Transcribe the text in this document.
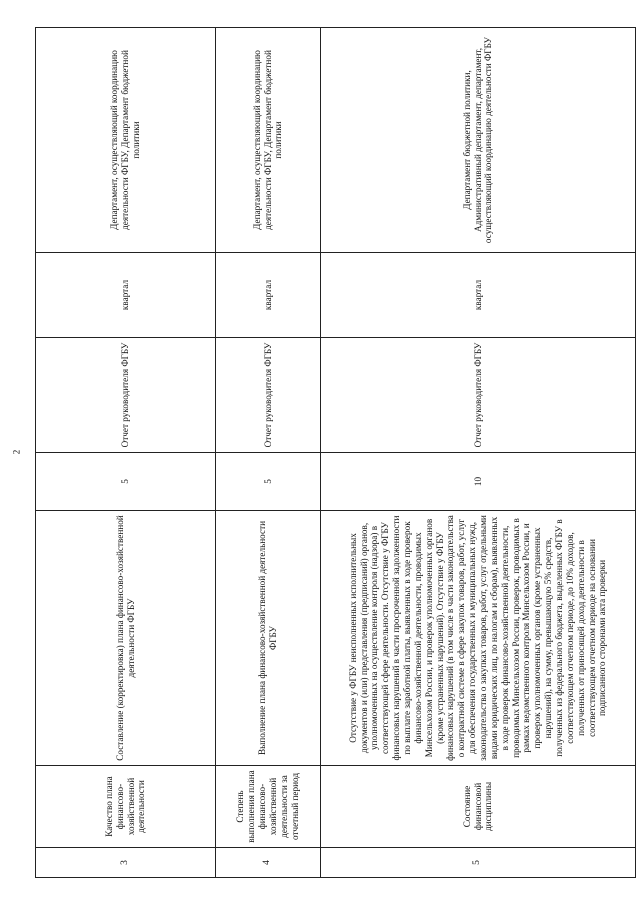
2
3	Качество плана финансово-хозяйственной деятельности	Составление (корректировка) плана финансово-хозяйственной деятельности ФГБУ	5	Отчет руководителя ФГБУ	квартал	Департамент, осуществляющий координацию деятельности ФГБУ, Департамент бюджетной политики
4	Степень выполнения плана финансово-хозяйственной деятельности за отчетный период	Выполнение плана финансово-хозяйственной деятельности ФГБУ	5	Отчет руководителя ФГБУ	квартал	Департамент, осуществляющий координацию деятельности ФГБУ, Департамент бюджетной политики
5	Состояние финансовой дисциплины	Отсутствие у ФГБУ неисполненных исполнительных документов и (или) представления (предписаний) органов, уполномоченных на осуществление контроля (надзора) в соответствующей сфере деятельности. Отсутствие у ФГБУ финансовых нарушений в части просроченной задолженности по выплате заработной платы, выявленных в ходе проверок финансово-хозяйственной деятельности, проводимых Минсельхозом России, и проверок уполномоченных органов (кроме устраненных нарушений). Отсутствие у ФГБУ финансовых нарушений (в том числе в части законодательства о контрактной системе в сфере закупок товаров, работ, услуг для обеспечения государственных и муниципальных нужд, законодательства о закупках товаров, работ, услуг отдельными видами юридических лиц, по налогам и сборам), выявленных в ходе проверок финансово-хозяйственной деятельности, проводимых Минсельхозом России, проверок, проводимых в рамках ведомственного контроля Минсельхозом России, и проверок уполномоченных органов (кроме устраненных нарушений), на сумму, превышающую 5% средств, полученных из федерального бюджета, выделенных ФГБУ в соответствующем отчетном периоде, до 10% доходов, полученных от приносящей доход деятельности в соответствующем отчетном периоде на основании подписанного сторонами акта проверки	10	Отчет руководителя ФГБУ	квартал	Департамент бюджетной политики, Административный департамент, департамент, осуществляющий координацию деятельности ФГБУ
